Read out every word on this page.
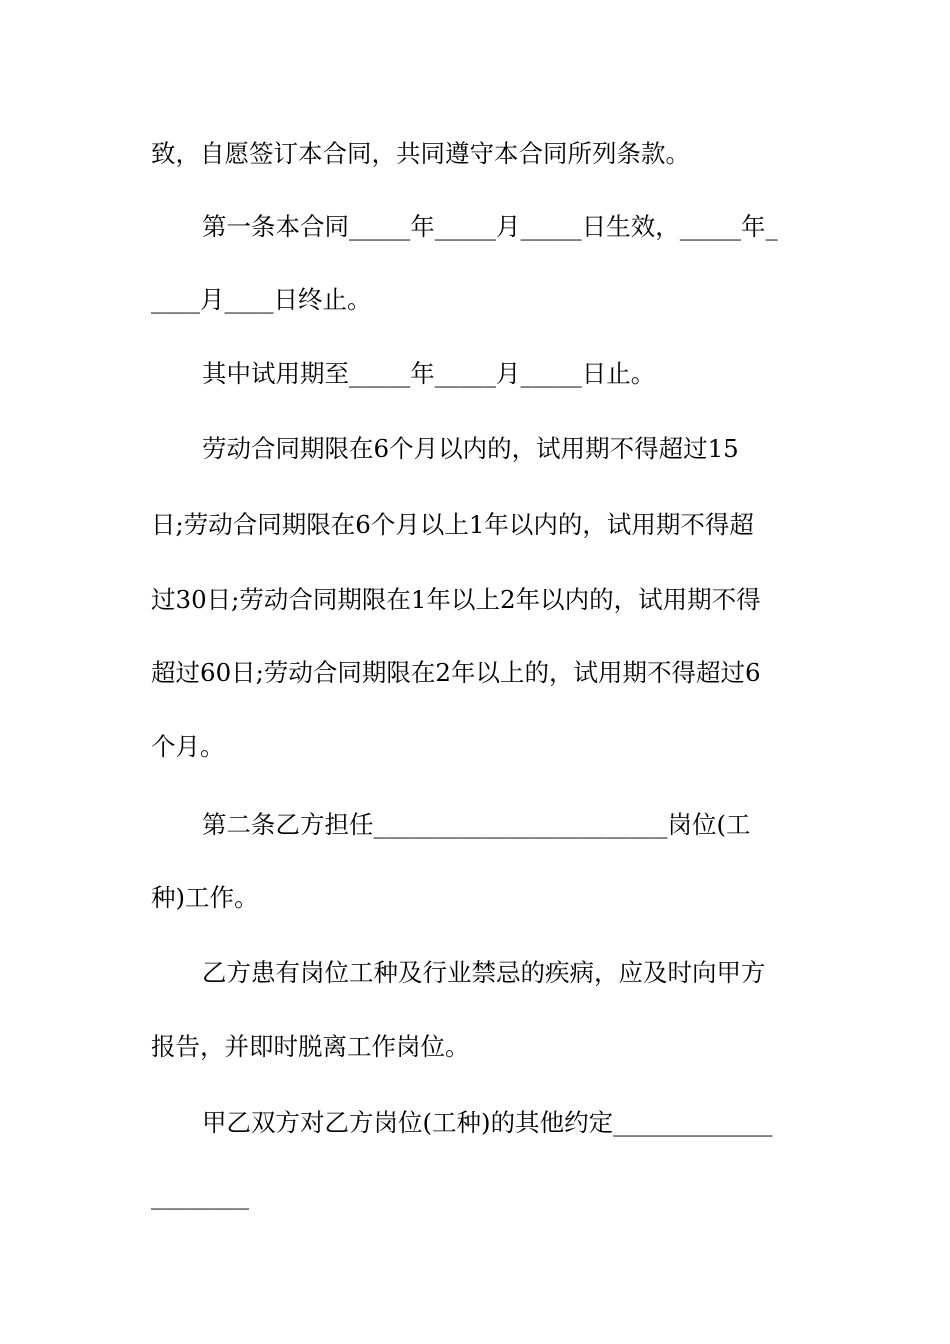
致，自愿签订本合同，共同遵守本合同所列条款。
第一条本合同_____年_____月_____日生效，_____年_
____月____日终止。
其中试用期至_____年_____月_____日止。
劳动合同期限在6个月以内的，试用期不得超过15
日;劳动合同期限在6个月以上1年以内的，试用期不得超
过30日;劳动合同期限在1年以上2年以内的，试用期不得
超过60日;劳动合同期限在2年以上的，试用期不得超过6
个月。
第二条乙方担任________________________岗位(工
种)工作。
乙方患有岗位工种及行业禁忌的疾病，应及时向甲方
报告，并即时脱离工作岗位。
甲乙双方对乙方岗位(工种)的其他约定_____________
________
